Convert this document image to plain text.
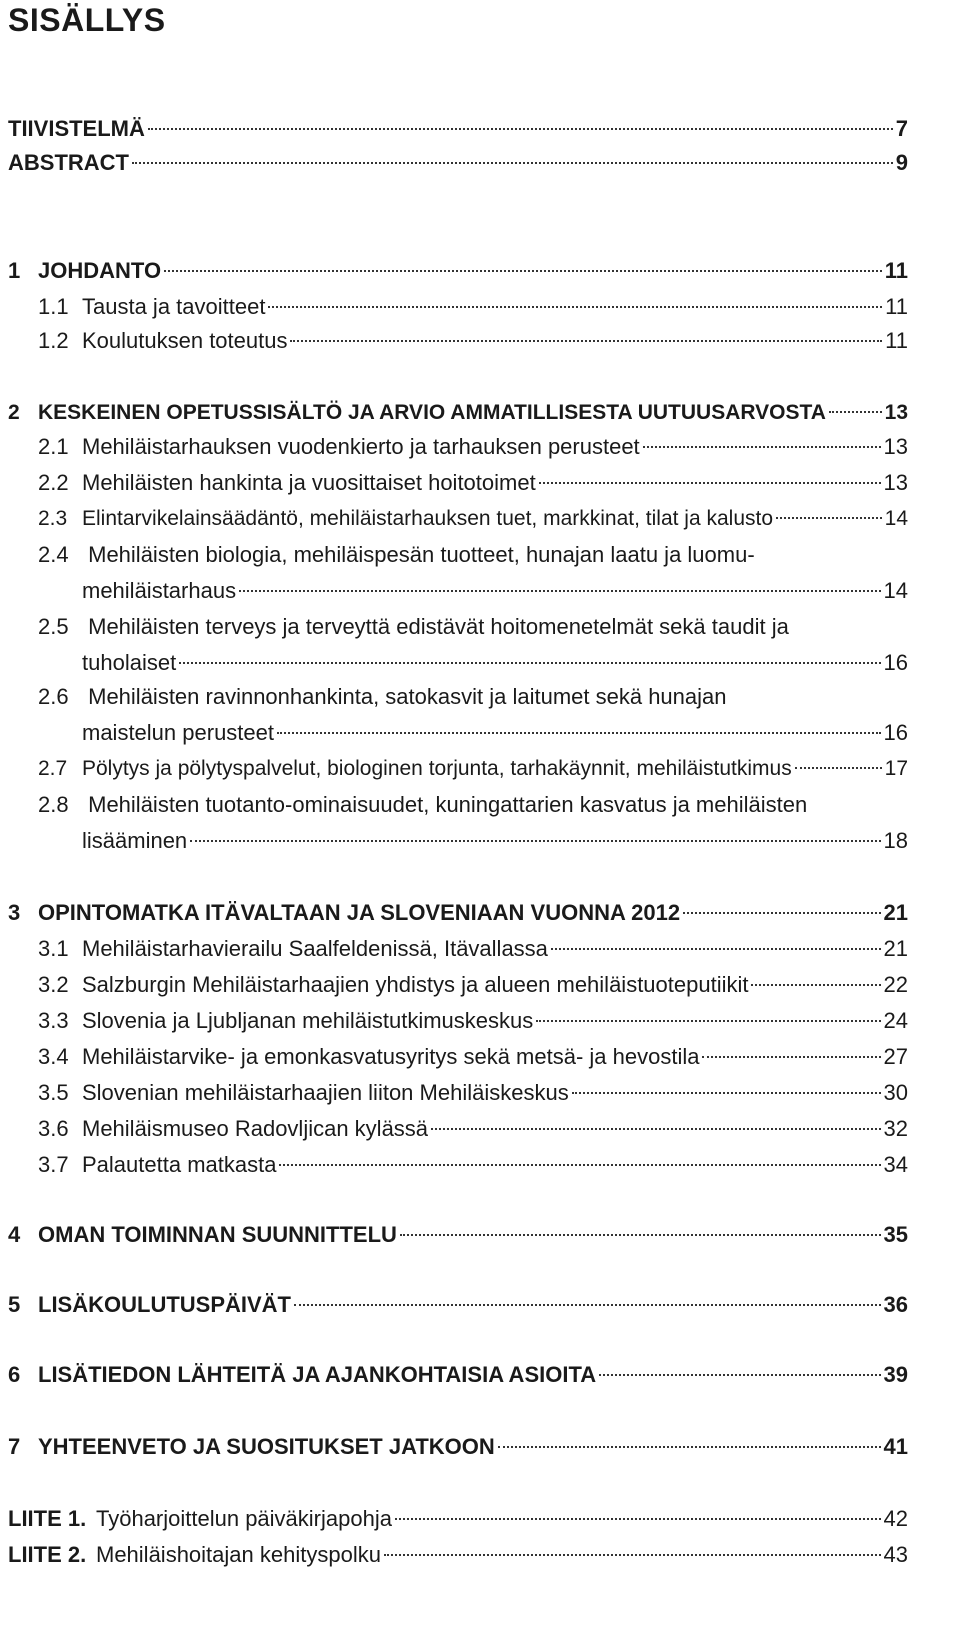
SISÄLLYS
TIIVISTELMÄ	7
ABSTRACT	9
1 JOHDANTO	11
1.1 Tausta ja tavoitteet	11
1.2 Koulutuksen toteutus	11
2 KESKEINEN OPETUSSISÄLTÖ JA ARVIO AMMATILLISESTA UUTUUSARVOSTA	13
2.1 Mehiläistarhauksen vuodenkierto ja tarhauksen perusteet	13
2.2 Mehiläisten hankinta ja vuosittaiset hoitotoimet	13
2.3 Elintarvikelainsäädäntö, mehiläistarhauksen tuet, markkinat, tilat ja kalusto	14
2.4 Mehiläisten biologia, mehiläispesän tuotteet, hunajan laatu ja luomu-
mehiläistarhaus	14
2.5 Mehiläisten terveys ja terveyttä edistävät hoitomenetelmät sekä taudit ja
tuholaiset	16
2.6 Mehiläisten ravinnonhankinta, satokasvit ja laitumet sekä hunajan
maistelun perusteet	16
2.7 Pölytys ja pölytyspalvelut, biologinen torjunta, tarhakäynnit, mehiläistutkimus	17
2.8 Mehiläisten tuotanto-ominaisuudet, kuningattarien kasvatus ja mehiläisten
lisääminen	18
3 OPINTOMATKA ITÄVALTAAN JA SLOVENIAAN VUONNA 2012	21
3.1 Mehiläistarhavierailu Saalfeldenissä, Itävallassa	21
3.2 Salzburgin Mehiläistarhaajien yhdistys ja alueen mehiläistuoteputiikit	22
3.3 Slovenia ja Ljubljanan mehiläistutkimuskeskus	24
3.4 Mehiläistarvike- ja emonkasvatusyritys sekä metsä- ja hevostila	27
3.5 Slovenian mehiläistarhaajien liiton Mehiläiskeskus	30
3.6 Mehiläismuseo Radovljican kylässä	32
3.7 Palautetta matkasta	34
4 OMAN TOIMINNAN SUUNNITTELU	35
5 LISÄKOULUTUSPÄIVÄT	36
6 LISÄTIEDON LÄHTEITÄ JA AJANKOHTAISIA ASIOITA	39
7 YHTEENVETO JA SUOSITUKSET JATKOON	41
LIITE 1. Työharjoittelun päiväkirjapohja	42
LIITE 2. Mehiläishoitajan kehityspolku	43
